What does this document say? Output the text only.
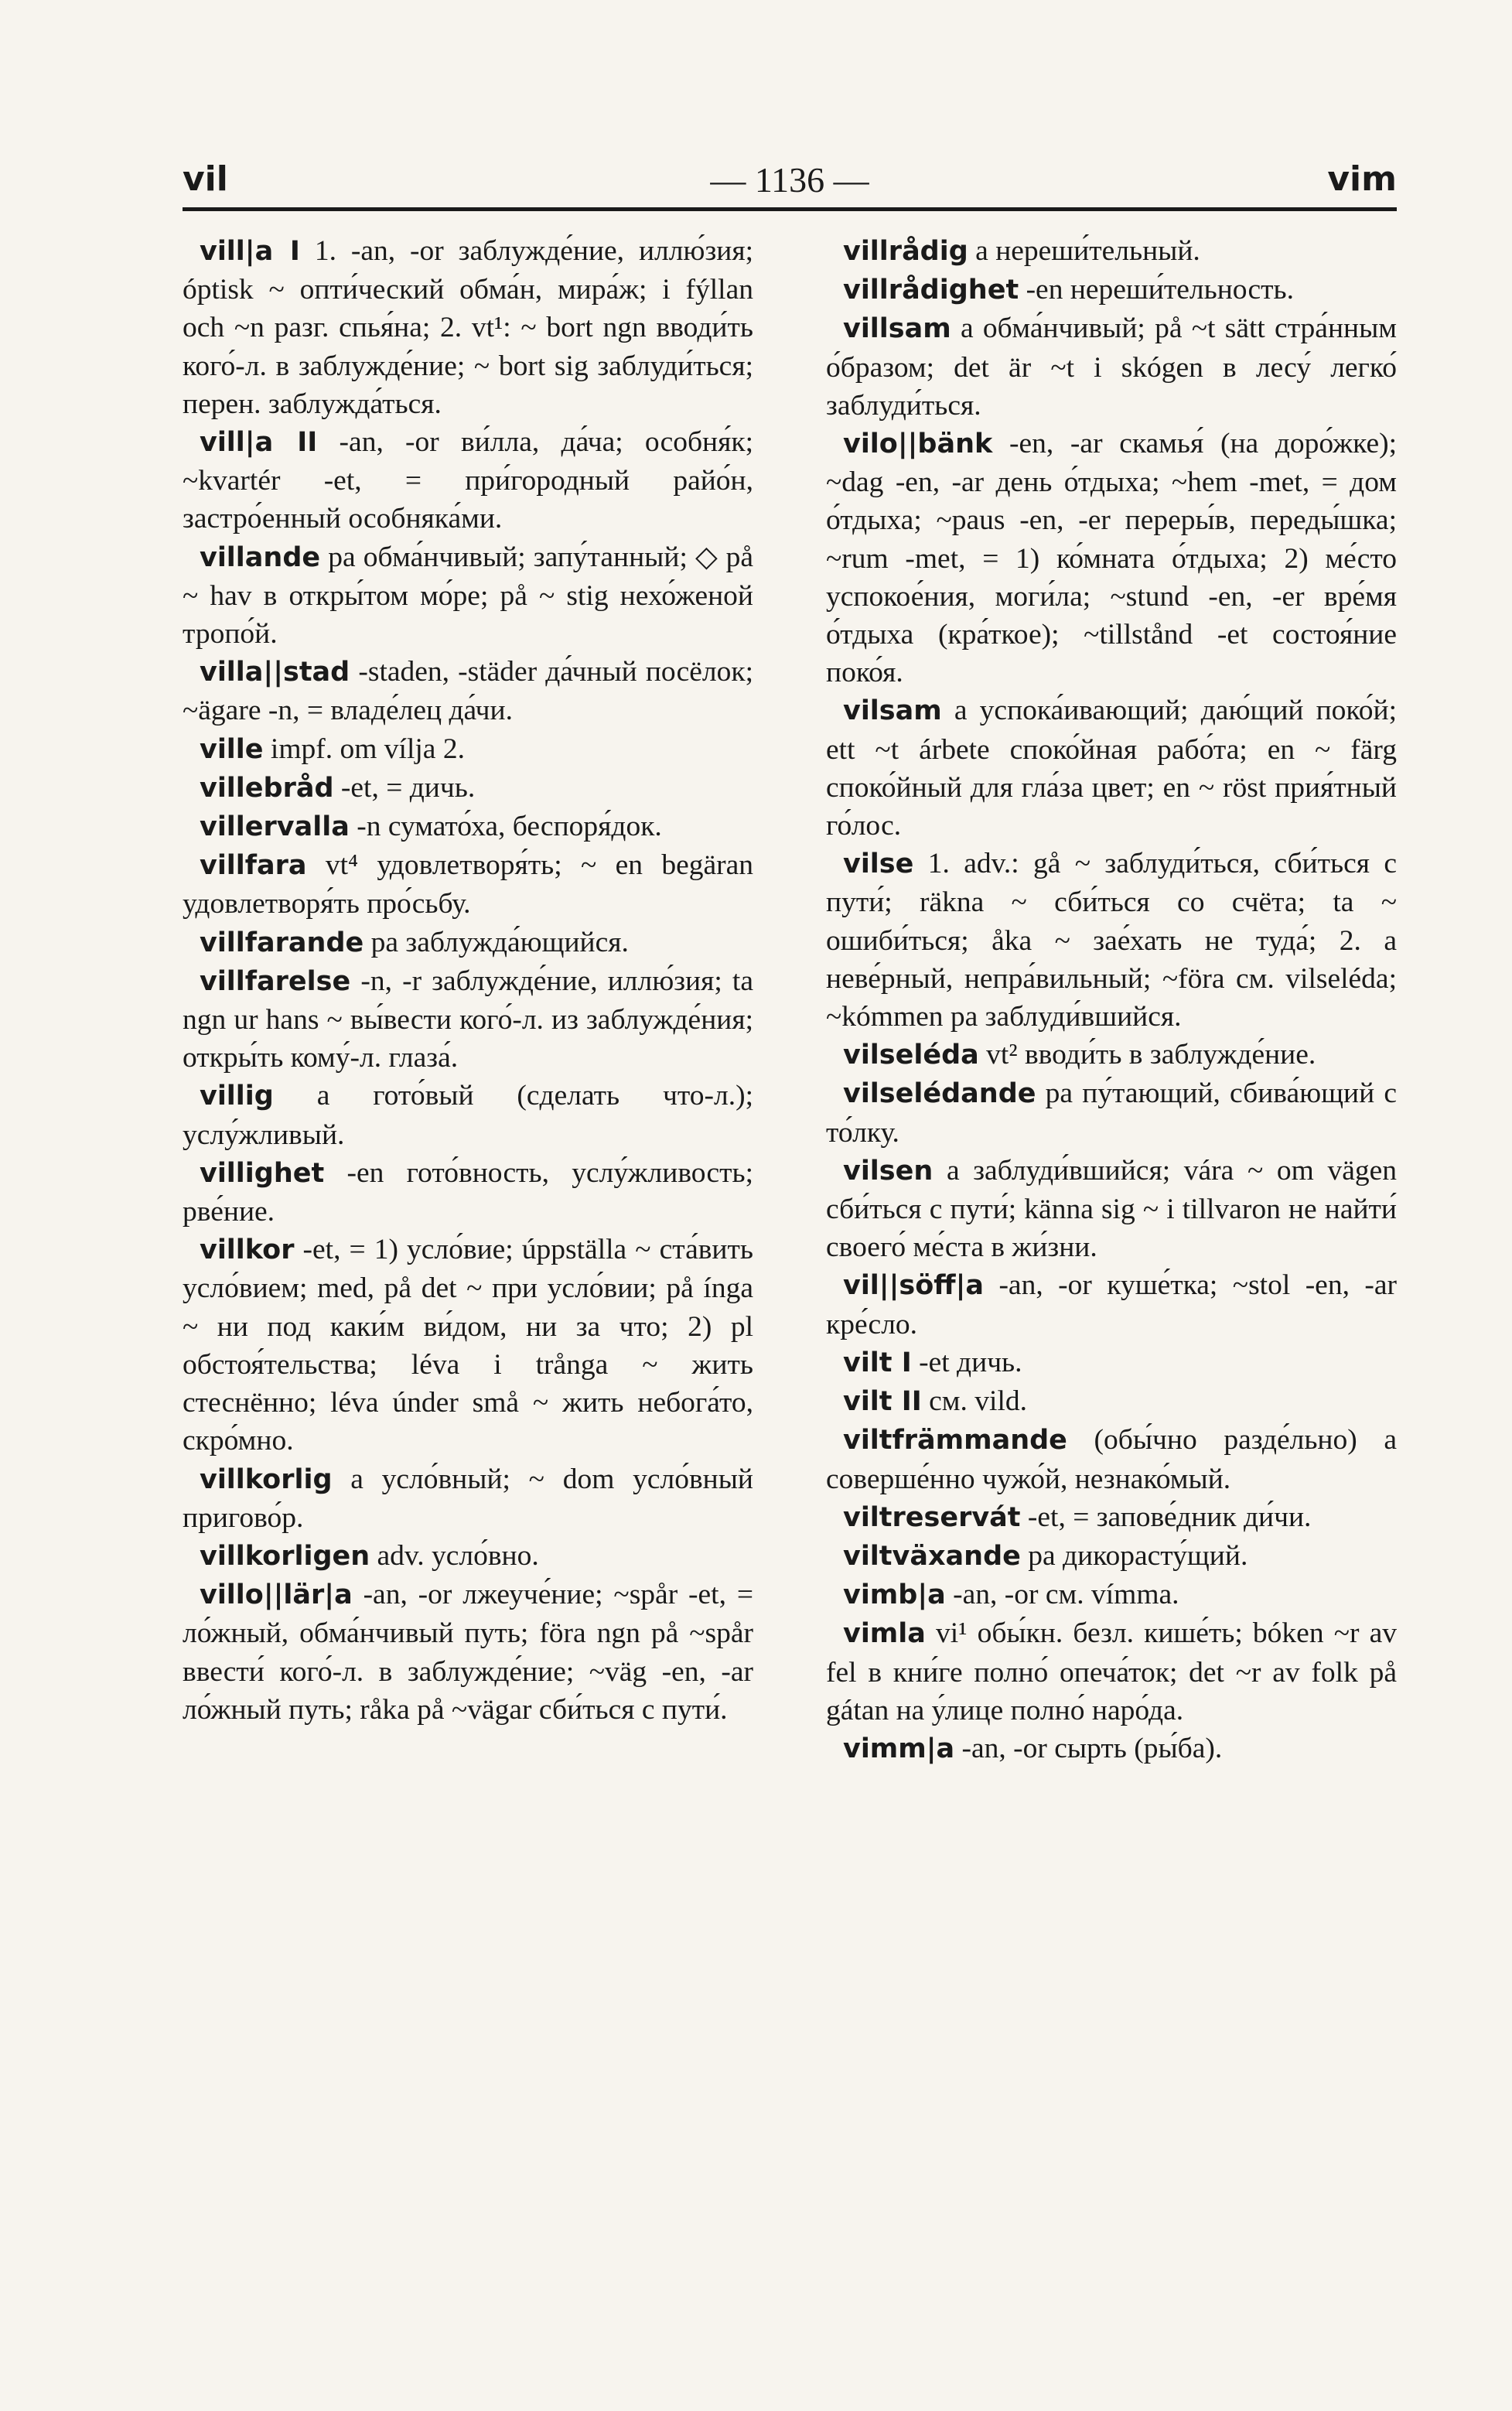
vil	— 1136 —	vim

vill|a I 1. -an, -or заблужде́ние, иллю́зия; óptisk ~ опти́ческий обма́н, мира́ж; i fýllan och ~n разг. спья́на; 2. vt¹: ~ bort ngn вводи́ть кого́-л. в заблужде́ние; ~ bort sig заблуди́ться; перен. заблужда́ться.

vill|a II -an, -or ви́лла, да́ча; особня́к; ~kvartér -et, = при́городный райо́н, застро́енный особняка́ми.

villande pa обма́нчивый; запу́танный; ◇ på ~ hav в откры́том мо́ре; på ~ stig нехо́женой тропо́й.

villa||stad -staden, -städer да́чный посёлок; ~ägare -n, = владе́лец да́чи.

ville impf. om vílja 2.

villebråd -et, = дичь.

villervalla -n сумато́ха, беспоря́док.

villfara vt⁴ удовлетворя́ть; ~ en begäran удовлетворя́ть про́сьбу.

villfarande pa заблужда́ющийся.

villfarelse -n, -r заблужде́ние, иллю́зия; ta ngn ur hans ~ вы́вести кого́-л. из заблужде́ния; откры́ть кому́-л. глаза́.

villig a гото́вый (сделать что-л.); услу́жливый.

villighet -en гото́вность, услу́жливость; рве́ние.

villkor -et, = 1) усло́вие; úppställa ~ ста́вить усло́вием; med, på det ~ при усло́вии; på ínga ~ ни под каки́м ви́дом, ни за что; 2) pl обстоя́тельства; léva i trånga ~ жить стеснённо; léva únder små ~ жить небога́то, скро́мно.

villkorlig a усло́вный; ~ dom усло́вный пригово́р.

villkorligen adv. усло́вно.

villo||lär|a -an, -or лжеуче́ние; ~spår -et, = ло́жный, обма́нчивый путь; föra ngn på ~spår ввести́ кого́-л. в заблужде́ние; ~väg -en, -ar ло́жный путь; råka på ~vägar сби́ться с пути́.

villrådig a нереши́тельный.

villrådighet -en нереши́тельность.

villsam a обма́нчивый; på ~t sätt стра́нным о́бразом; det är ~t i skógen в лесу́ легко́ заблуди́ться.

vilo||bänk -en, -ar скамья́ (на доро́жке); ~dag -en, -ar день о́тдыха; ~hem -met, = дом о́тдыха; ~paus -en, -er переры́в, переды́шка; ~rum -met, = 1) ко́мната о́тдыха; 2) ме́сто успокое́ния, моги́ла; ~stund -en, -er вре́мя о́тдыха (кра́ткое); ~tillstånd -et состоя́ние поко́я.

vilsam a успока́ивающий; даю́щий поко́й; ett ~t árbete споко́йная рабо́та; en ~ färg споко́йный для гла́за цвет; en ~ röst прия́тный го́лос.

vilse 1. adv.: gå ~ заблуди́ться, сби́ться с пути́; räkna ~ сби́ться со счёта; ta ~ ошиби́ться; åka ~ зае́хать не туда́; 2. a неве́рный, непра́вильный; ~föra см. vilseléda; ~kómmen pa заблуди́вшийся.

vilseléda vt² вводи́ть в заблужде́ние.

vilselédande pa пу́тающий, сбива́ющий с то́лку.

vilsen a заблуди́вшийся; vára ~ om vägen сби́ться с пути́; känna sig ~ i tillvaron не найти́ своего́ ме́ста в жи́зни.

vil||söff|a -an, -or куше́тка; ~stol -en, -ar кре́сло.

vilt I -et дичь.

vilt II см. vild.

viltfrämmande (обы́чно разде́льно) a соверше́нно чужо́й, незнако́мый.

viltreservát -et, = запове́дник ди́чи.

viltväxande pa дикорасту́щий.

vimb|a -an, -or см. vímma.

vimla vi¹ обы́кн. безл. кише́ть; bóken ~r av fel в кни́ге полно́ опеча́ток; det ~r av folk på gátan на у́лице полно́ наро́да.

vimm|a -an, -or сырть (ры́ба).
